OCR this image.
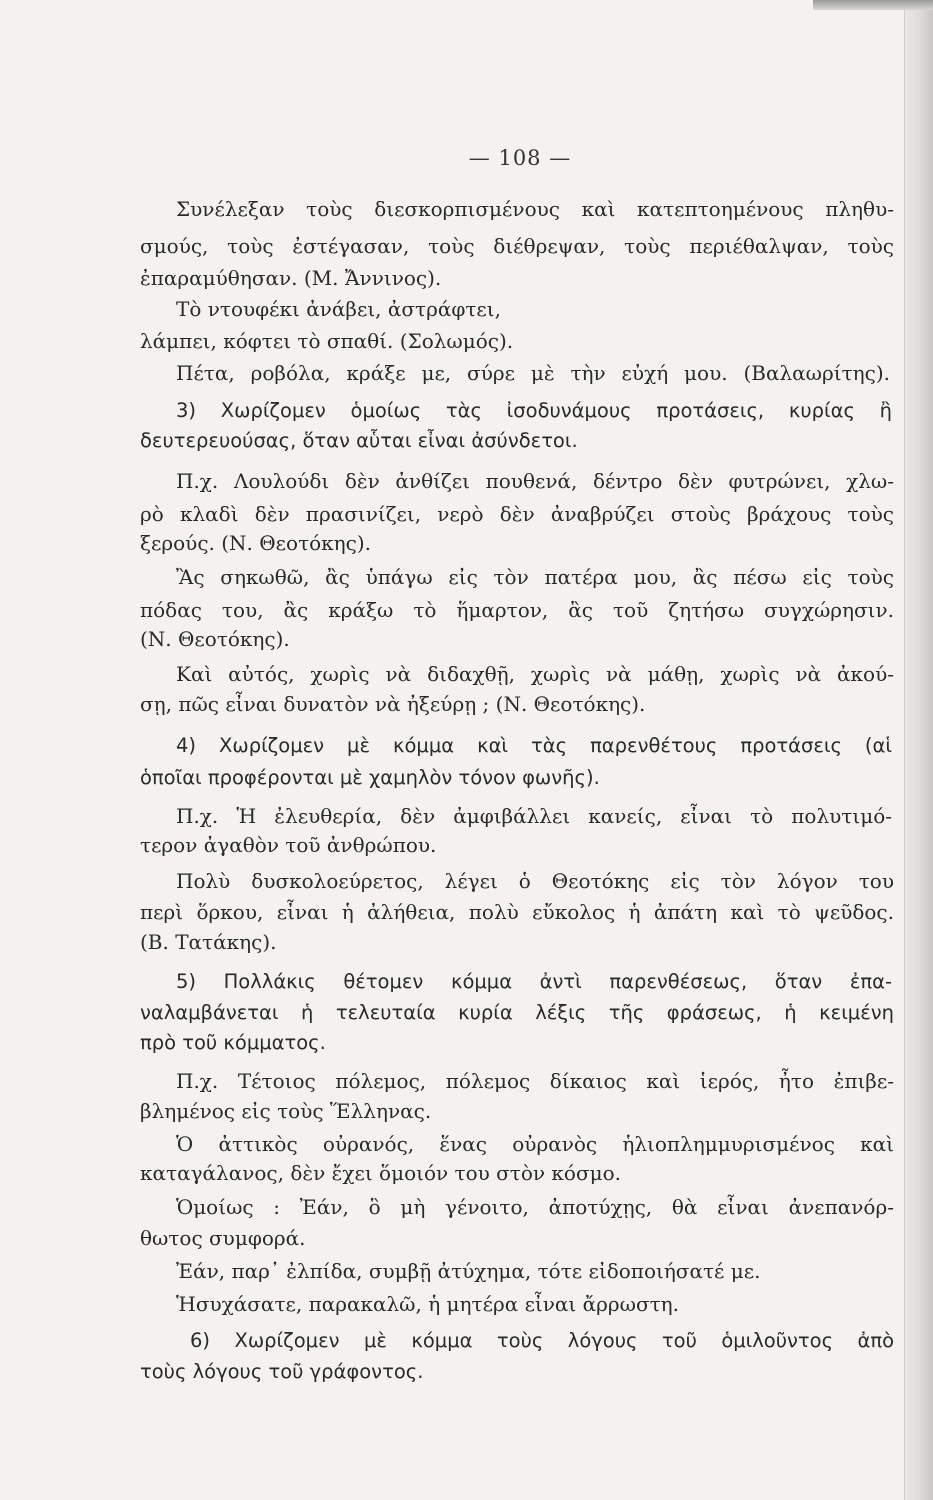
— 108 —
Συνέλεξαν τοὺς διεσκορπισμένους καὶ κατεπτοημένους πληθυ-
σμούς, τοὺς ἐστέγασαν, τοὺς διέθρεψαν, τοὺς περιέθαλψαν, τοὺς
ἐπαραμύθησαν. (Μ. Ἄννινος).
Τὸ ντουφέκι ἀνάβει, ἀστράφτει,
λάμπει, κόφτει τὸ σπαθί. (Σολωμός).
Πέτα, ροβόλα, κράξε με, σύρε μὲ τὴν εὐχή μου. (Βαλαωρίτης).
3) Χωρίζομεν ὁμοίως τὰς ἰσοδυνάμους προτάσεις, κυρίας ἢ
δευτερευούσας, ὅταν αὗται εἶναι ἀσύνδετοι.
Π.χ. Λουλούδι δὲν ἀνθίζει πουθενά, δέντρο δὲν φυτρώνει, χλω-
ρὸ κλαδὶ δὲν πρασινίζει, νερὸ δὲν ἀναβρύζει στοὺς βράχους τοὺς
ξερούς. (Ν. Θεοτόκης).
Ἂς σηκωθῶ, ἂς ὑπάγω εἰς τὸν πατέρα μου, ἂς πέσω εἰς τοὺς
πόδας του, ἂς κράξω τὸ ἥμαρτον, ἂς τοῦ ζητήσω συγχώρησιν.
(Ν. Θεοτόκης).
Καὶ αὐτός, χωρὶς νὰ διδαχθῇ, χωρὶς νὰ μάθῃ, χωρὶς νὰ ἀκού-
σῃ, πῶς εἶναι δυνατὸν νὰ ἠξεύρῃ ; (Ν. Θεοτόκης).
4) Χωρίζομεν μὲ κόμμα καὶ τὰς παρενθέτους προτάσεις (αἱ
ὁποῖαι προφέρονται μὲ χαμηλὸν τόνον φωνῆς).
Π.χ. Ἡ ἐλευθερία, δὲν ἀμφιβάλλει κανείς, εἶναι τὸ πολυτιμό-
τερον ἀγαθὸν τοῦ ἀνθρώπου.
Πολὺ δυσκολοεύρετος, λέγει ὁ Θεοτόκης εἰς τὸν λόγον του
περὶ ὅρκου, εἶναι ἡ ἀλήθεια, πολὺ εὔκολος ἡ ἀπάτη καὶ τὸ ψεῦδος.
(Β. Τατάκης).
5) Πολλάκις θέτομεν κόμμα ἀντὶ παρενθέσεως, ὅταν ἐπα-
ναλαμβάνεται ἡ τελευταία κυρία λέξις τῆς φράσεως, ἡ κειμένη
πρὸ τοῦ κόμματος.
Π.χ. Τέτοιος πόλεμος, πόλεμος δίκαιος καὶ ἱερός, ἦτο ἐπιβε-
βλημένος εἰς τοὺς Ἕλληνας.
Ὁ ἀττικὸς οὐρανός, ἕνας οὐρανὸς ἡλιοπλημμυρισμένος καὶ
καταγάλανος, δὲν ἔχει ὅμοιόν του στὸν κόσμο.
Ὁμοίως : Ἐάν, ὃ μὴ γένοιτο, ἀποτύχῃς, θὰ εἶναι ἀνεπανόρ-
θωτος συμφορά.
Ἐάν, παρ᾿ ἐλπίδα, συμβῇ ἀτύχημα, τότε εἰδοποιήσατέ με.
Ἡσυχάσατε, παρακαλῶ, ἡ μητέρα εἶναι ἄρρωστη.
6) Χωρίζομεν μὲ κόμμα τοὺς λόγους τοῦ ὁμιλοῦντος ἀπὸ
τοὺς λόγους τοῦ γράφοντος.
